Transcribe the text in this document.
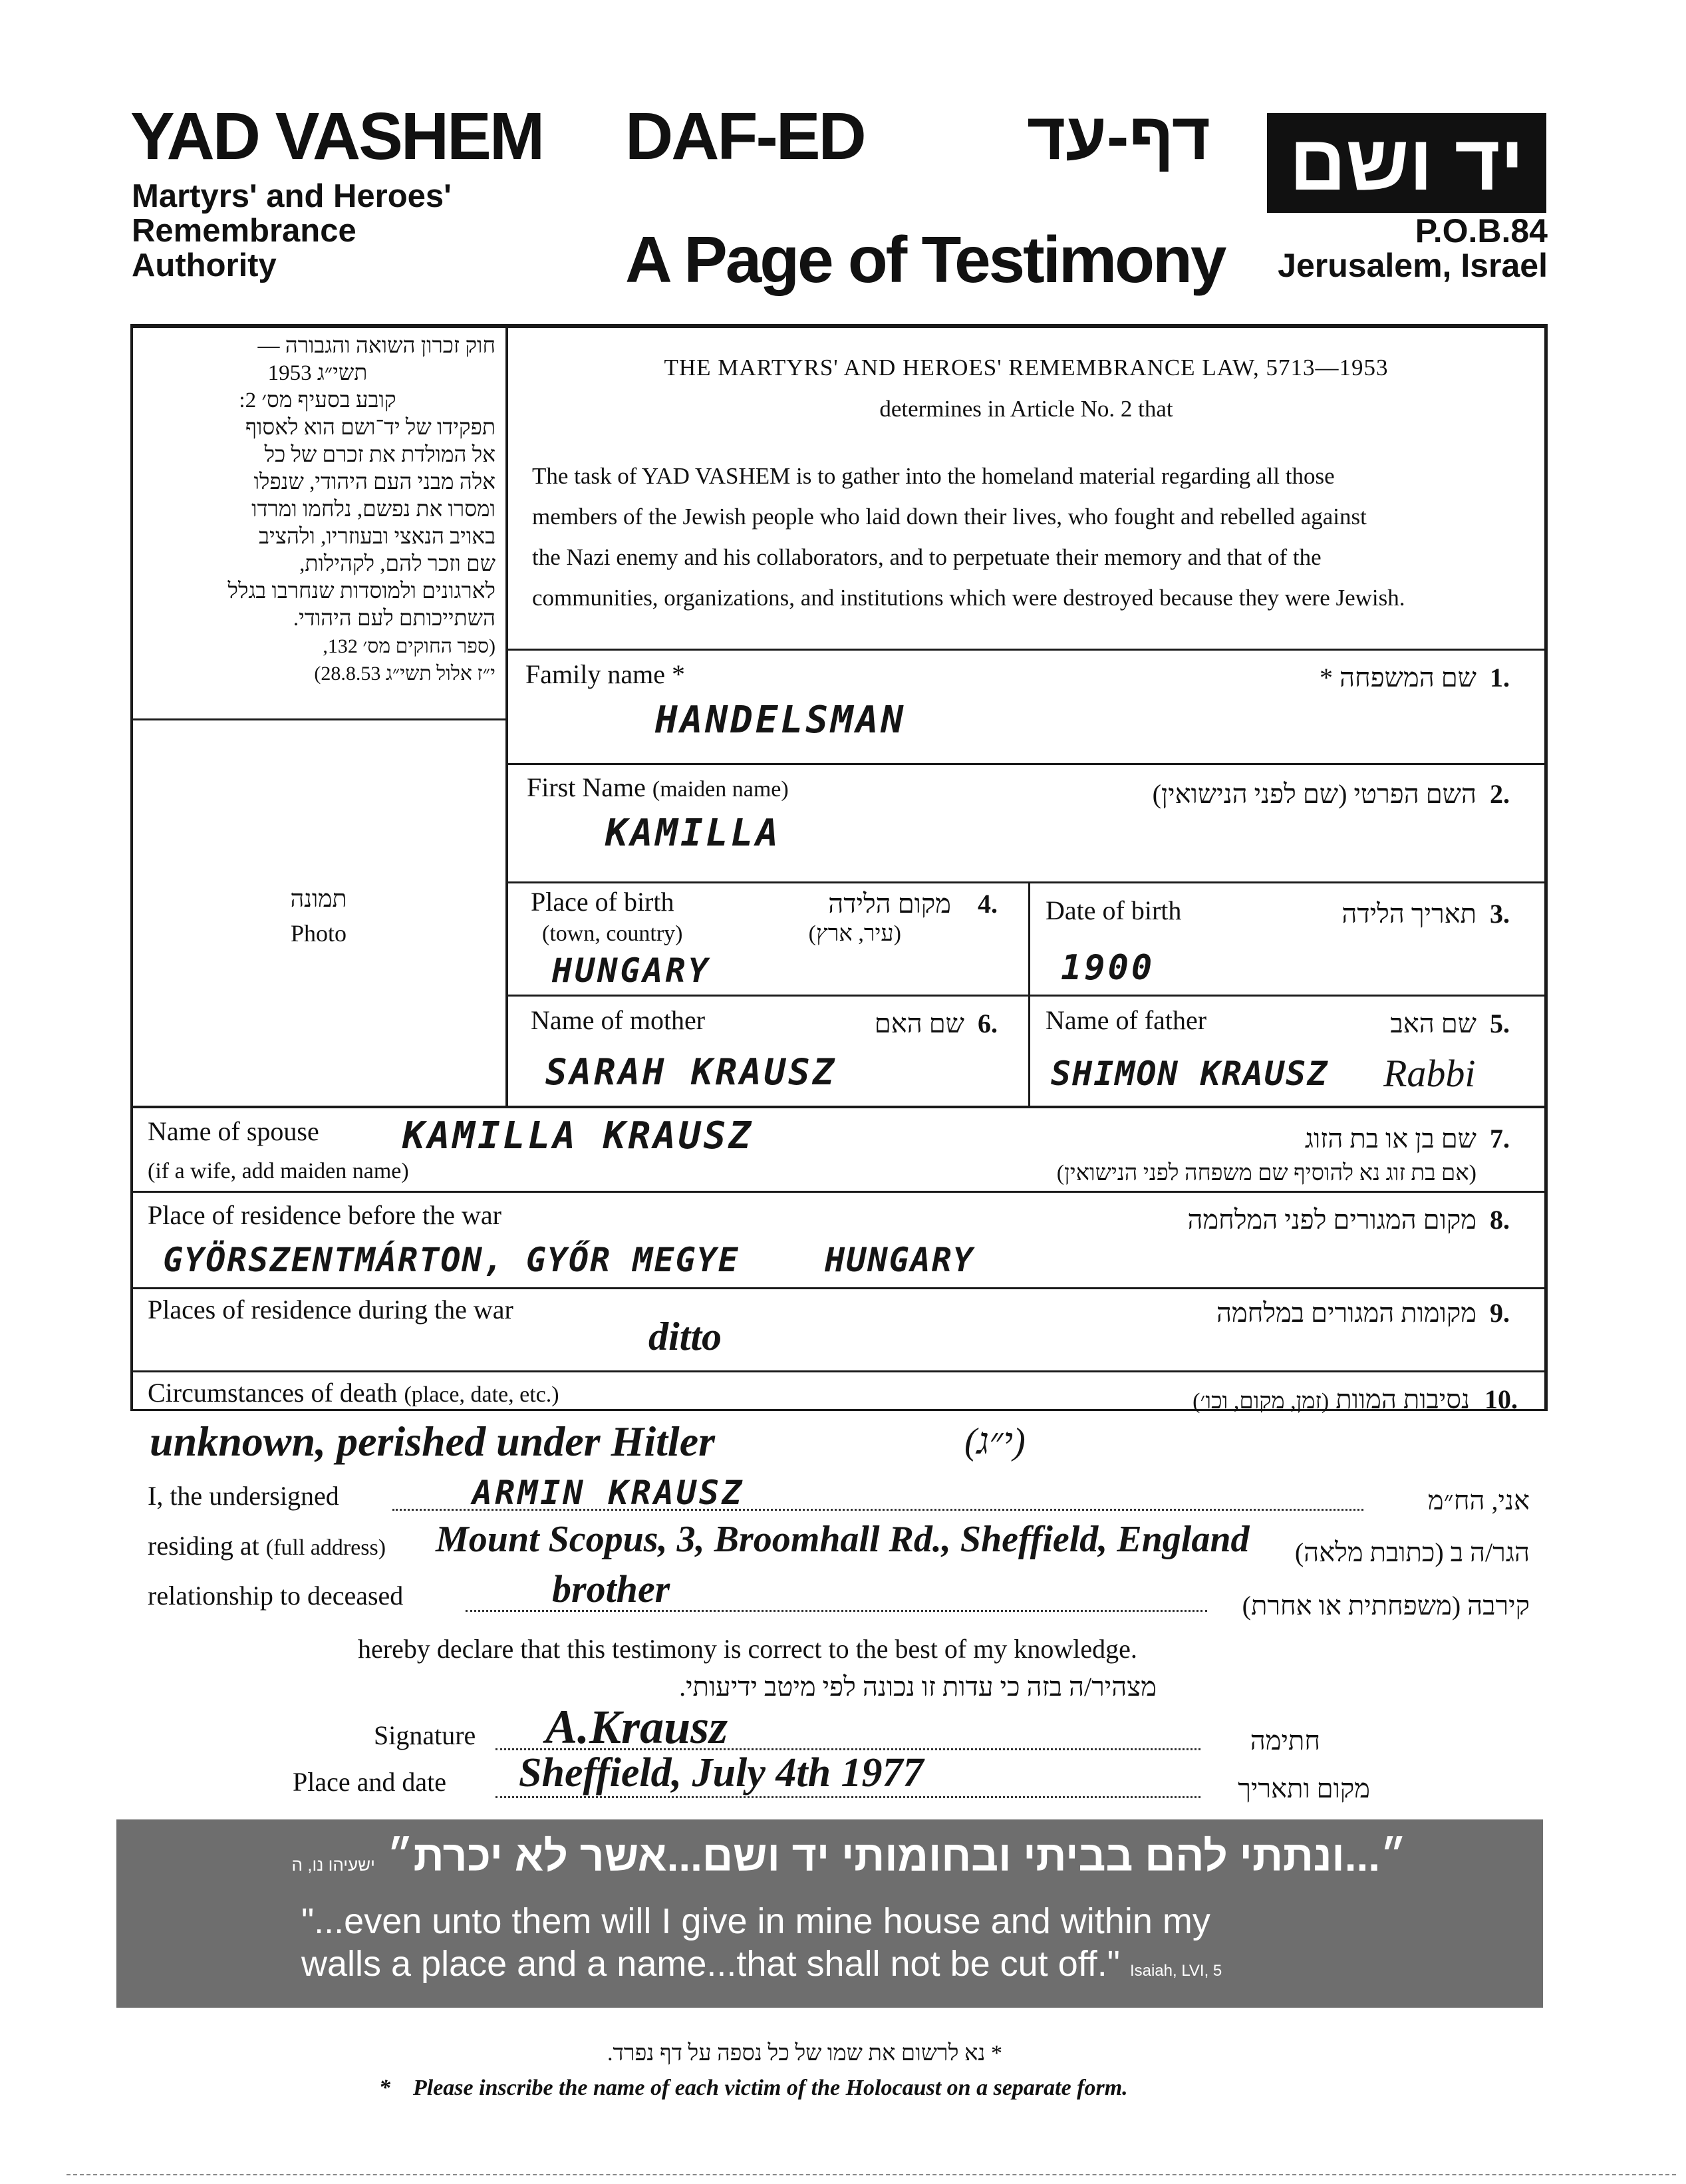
YAD VASHEM
Martyrs' and Heroes'
Remembrance
Authority
DAF-ED	דף-עד
A Page of Testimony
יד ושם
P.O.B.84
Jerusalem, Israel
חוק זכרון השואה והגבורה —
תשי״ג 1953
קובע בסעיף מס׳ 2:
תפקידו של יד־ושם הוא לאסוף
אל המולדת את זכרם של כל
אלה מבני העם היהודי, שנפלו
ומסרו את נפשם, נלחמו ומרדו
באויב הנאצי ובעוזריו, ולהציב
שם וזכר להם, לקהילות,
לארגונים ולמוסדות שנחרבו בגלל
השתייכותם לעם היהודי.
(ספר החוקים מס׳ 132,
י״ז אלול תשי״ג 28.8.53)
תמונה
Photo
THE MARTYRS' AND HEROES' REMEMBRANCE LAW, 5713—1953
determines in Article No. 2 that
The task of YAD VASHEM is to gather into the homeland material regarding all those
members of the Jewish people who laid down their lives, who fought and rebelled against
the Nazi enemy and his collaborators, and to perpetuate their memory and that of the
communities, organizations, and institutions which were destroyed because they were Jewish.
Family name *	שם המשפחה * 1.
HANDELSMAN
First Name (maiden name)	השם הפרטי (שם לפני הנישואין) 2.
KAMILLA
Place of birth
(town, country)
מקום הלידה
(עיר, ארץ)
4.
HUNGARY
Date of birth	תאריך הלידה 3.
1900
Name of mother	שם האם 6.
SARAH KRAUSZ
Name of father	שם האב 5.
SHIMON KRAUSZ Rabbi
Name of spouse
(if a wife, add maiden name)
שם בן או בת הזוג
(אם בת זוג נא להוסיף שם משפחה לפני הנישואין)
7.
KAMILLA KRAUSZ
Place of residence before the war	מקום המגורים לפני המלחמה 8.
GYÖRSZENTMÁRTON, GYŐR MEGYE    HUNGARY
Places of residence during the war	מקומות המגורים במלחמה 9.
ditto
Circumstances of death (place, date, etc.)	נסיבות המוות (זמן, מקום, וכו׳)	10.
unknown, perished under Hitler	(י״ג)
I, the undersigned	ARMIN KRAUSZ	אני, הח״מ
residing at (full address) Mount Scopus, 3, Broomhall Rd., Sheffield, England	הגר/ה ב (כתובת מלאה)
relationship to deceased	brother	קירבה (משפחתית או אחרת)
hereby declare that this testimony is correct to the best of my knowledge.
מצהיר/ה בזה כי עדות זו נכונה לפי מיטב ידיעותי.
Signature A.Krausz	חתימה
Place and date Sheffield, July 4th 1977	מקום ותאריך
״...ונתתי להם בביתי ובחומותי יד ושם...אשר לא יכרת״ ישעיהו נו, ה
"...even unto them will I give in mine house and within my
walls a place and a name...that shall not be cut off." Isaiah, LVI, 5
* נא לרשום את שמו של כל נספה על דף נפרד.
* Please inscribe the name of each victim of the Holocaust on a separate form.
